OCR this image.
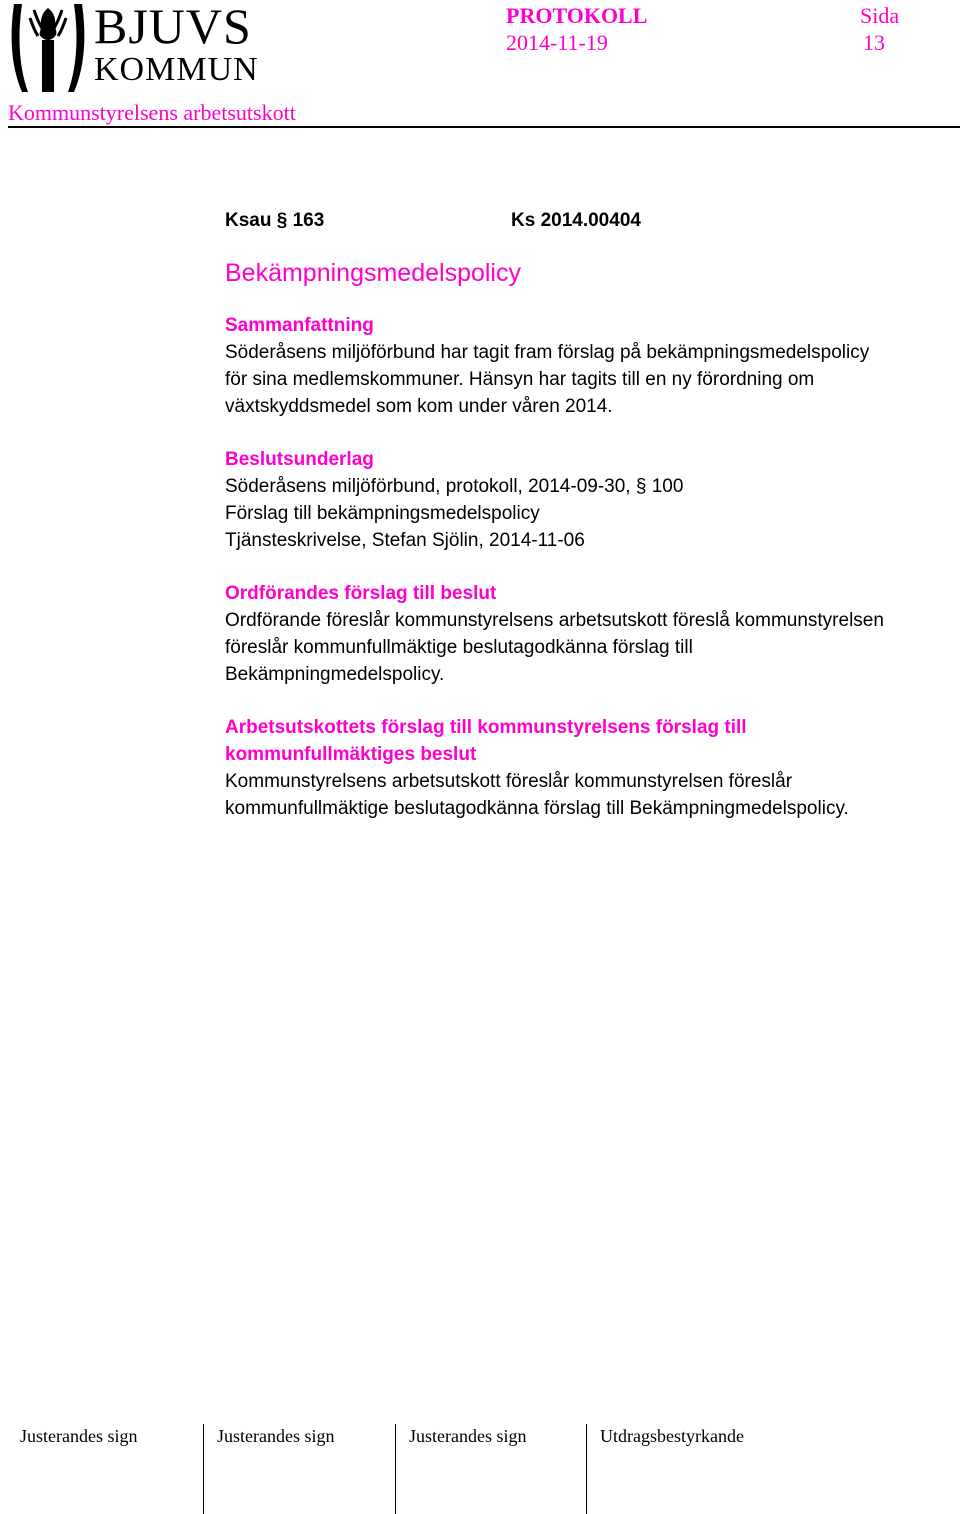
BJUVS
KOMMUN
PROTOKOLL
2014-11-19
Sida
13
Kommunstyrelsens arbetsutskott
Ksau § 163	Ks 2014.00404
Bekämpningsmedelspolicy
Sammanfattning

Söderåsens miljöförbund har tagit fram förslag på bekämpningsmedelspolicy

för sina medlemskommuner. Hänsyn har tagits till en ny förordning om

växtskyddsmedel som kom under våren 2014.

Beslutsunderlag

Söderåsens miljöförbund, protokoll, 2014-09-30, § 100

Förslag till bekämpningsmedelspolicy

Tjänsteskrivelse, Stefan Sjölin, 2014-11-06

Ordförandes förslag till beslut

Ordförande föreslår kommunstyrelsens arbetsutskott föreslå kommunstyrelsen

föreslår kommunfullmäktige beslutagodkänna förslag till

Bekämpningmedelspolicy.

Arbetsutskottets förslag till kommunstyrelsens förslag till
kommunfullmäktiges beslut

Kommunstyrelsens arbetsutskott föreslår kommunstyrelsen föreslår

kommunfullmäktige beslutagodkänna förslag till Bekämpningmedelspolicy.

Justerandes sign	Justerandes sign	Justerandes sign	Utdragsbestyrkande
